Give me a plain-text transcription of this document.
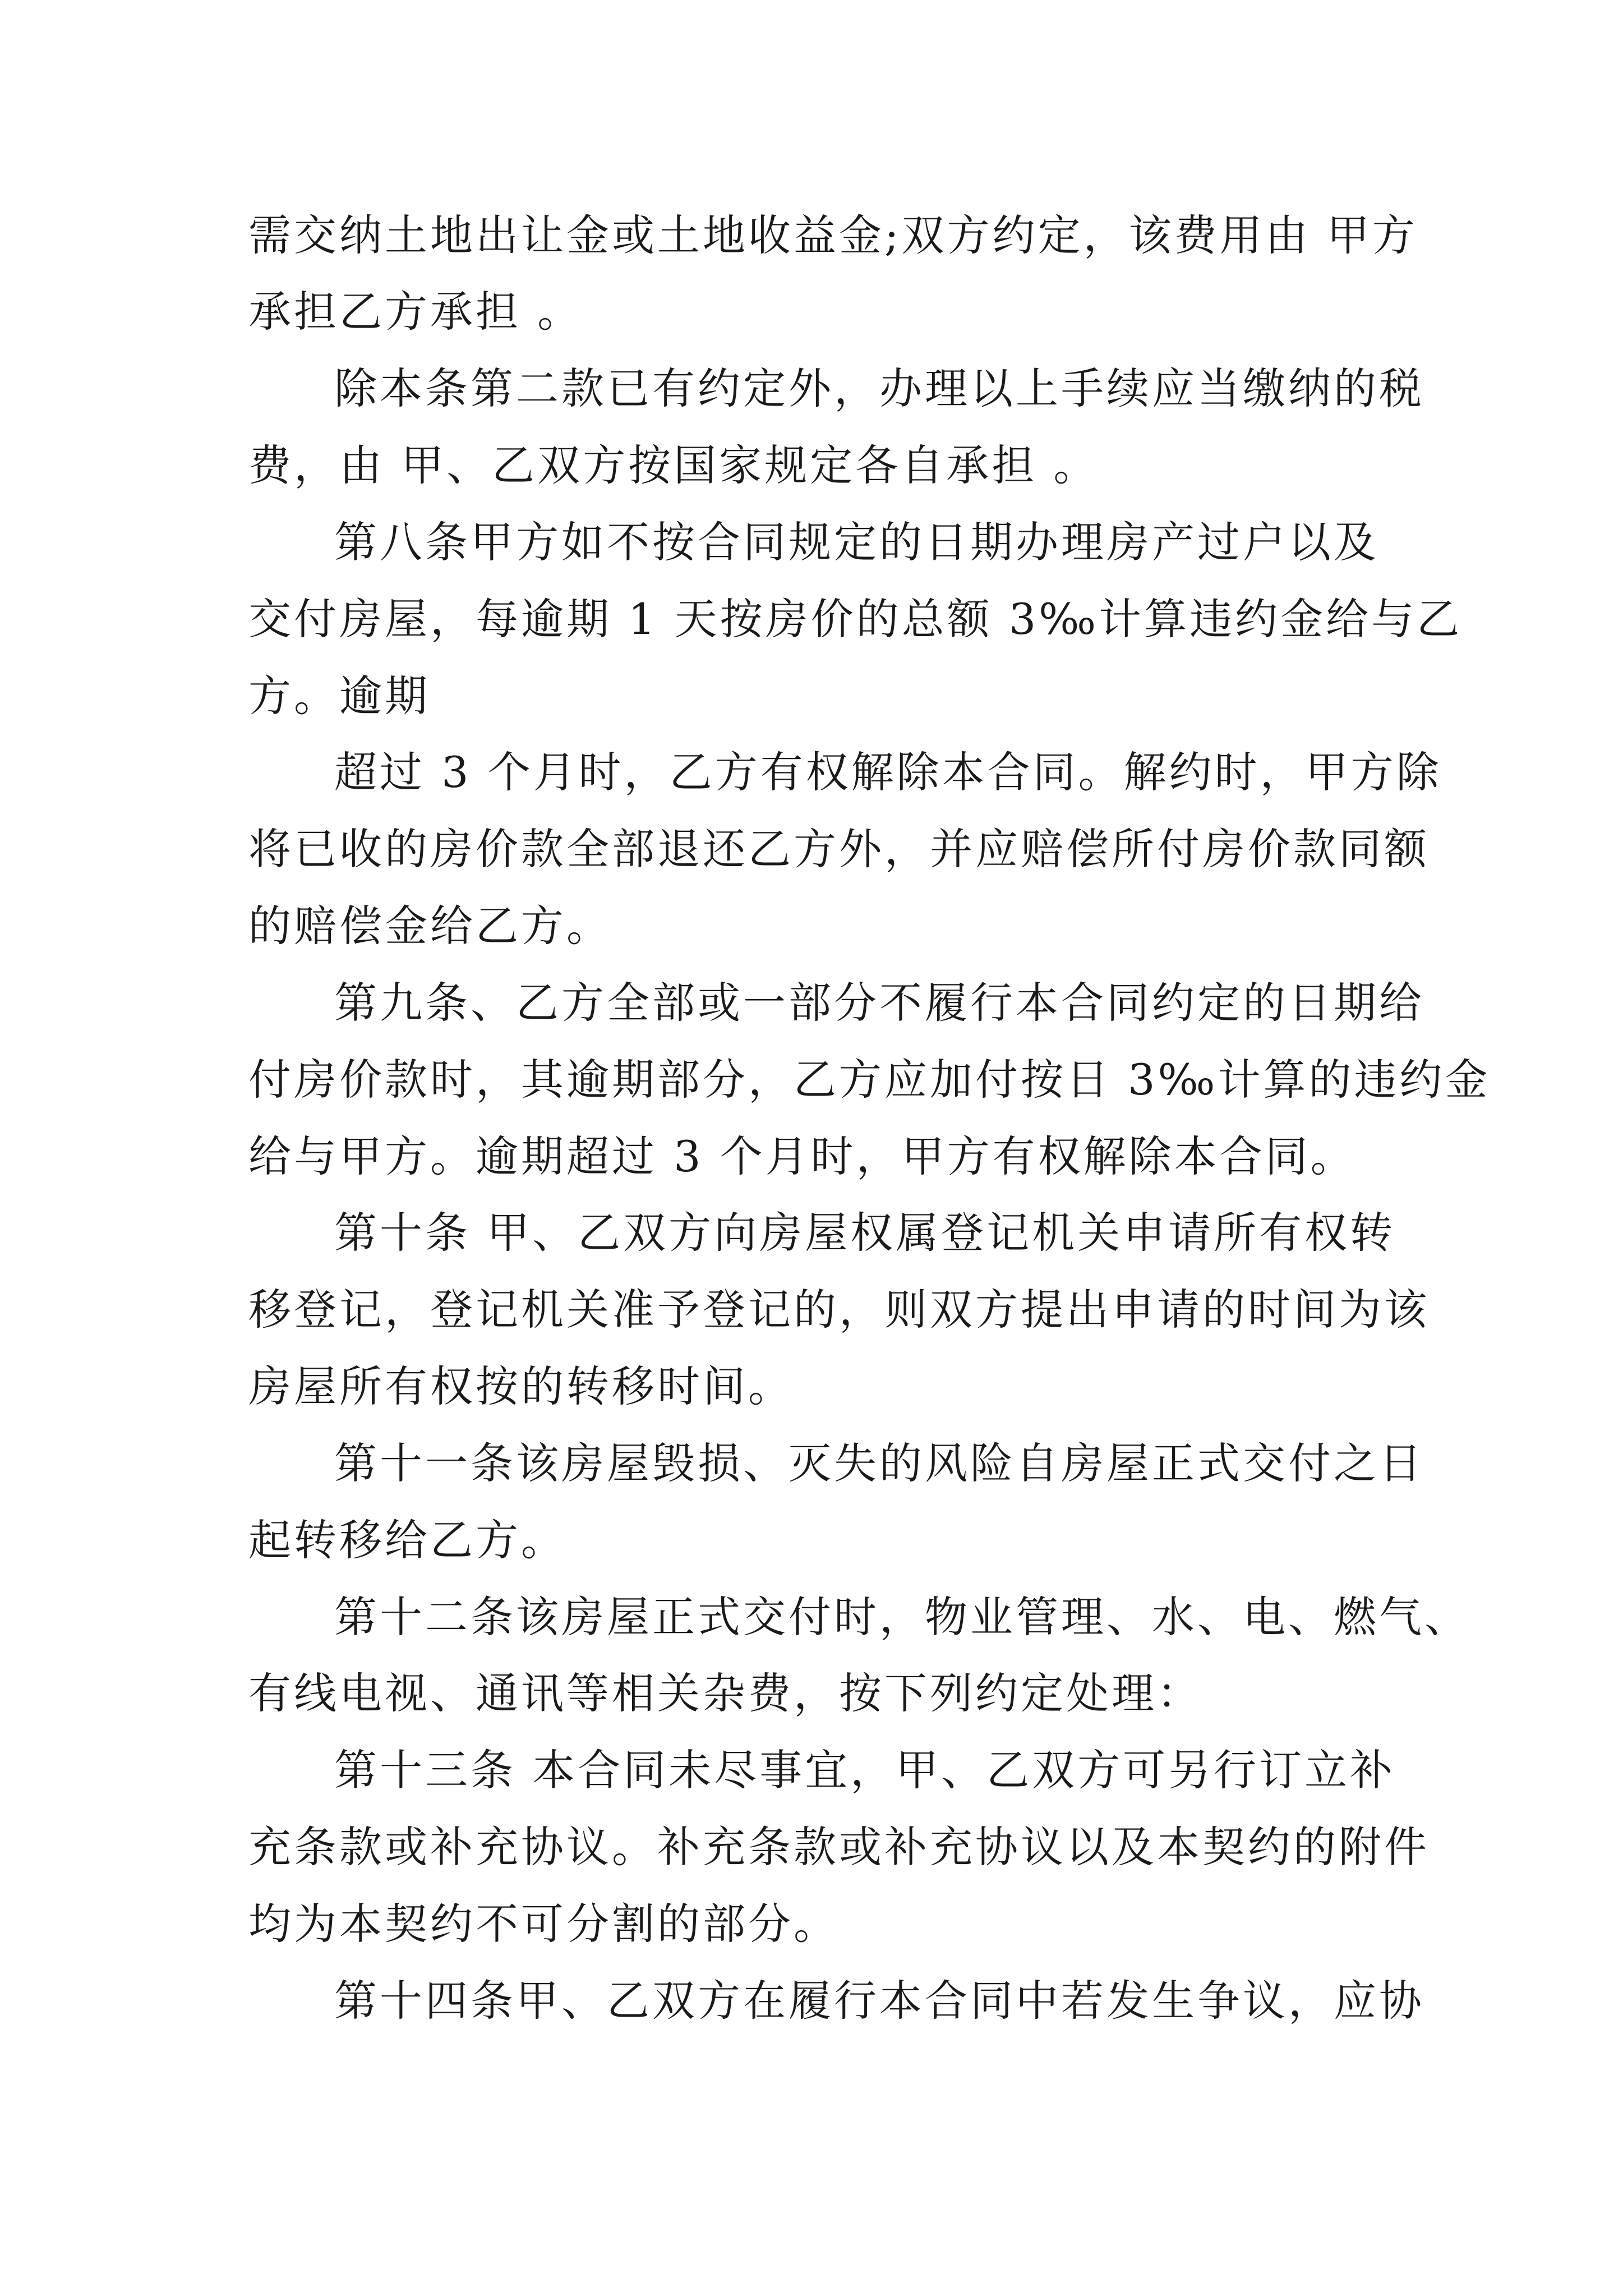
需交纳土地出让金或土地收益金;双方约定，该费用由 甲方
承担乙方承担 。
除本条第二款已有约定外，办理以上手续应当缴纳的税
费，由 甲、乙双方按国家规定各自承担 。
第八条甲方如不按合同规定的日期办理房产过户以及
交付房屋，每逾期 1 天按房价的总额 3‰计算违约金给与乙
方。逾期
超过 3 个月时，乙方有权解除本合同。解约时，甲方除
将已收的房价款全部退还乙方外，并应赔偿所付房价款同额
的赔偿金给乙方。
第九条、乙方全部或一部分不履行本合同约定的日期给
付房价款时，其逾期部分，乙方应加付按日 3‰计算的违约金
给与甲方。逾期超过 3 个月时，甲方有权解除本合同。
第十条 甲、乙双方向房屋权属登记机关申请所有权转
移登记，登记机关准予登记的，则双方提出申请的时间为该
房屋所有权按的转移时间。
第十一条该房屋毁损、灭失的风险自房屋正式交付之日
起转移给乙方。
第十二条该房屋正式交付时，物业管理、水、电、燃气、
有线电视、通讯等相关杂费，按下列约定处理：
第十三条 本合同未尽事宜，甲、乙双方可另行订立补
充条款或补充协议。补充条款或补充协议以及本契约的附件
均为本契约不可分割的部分。
第十四条甲、乙双方在履行本合同中若发生争议，应协
